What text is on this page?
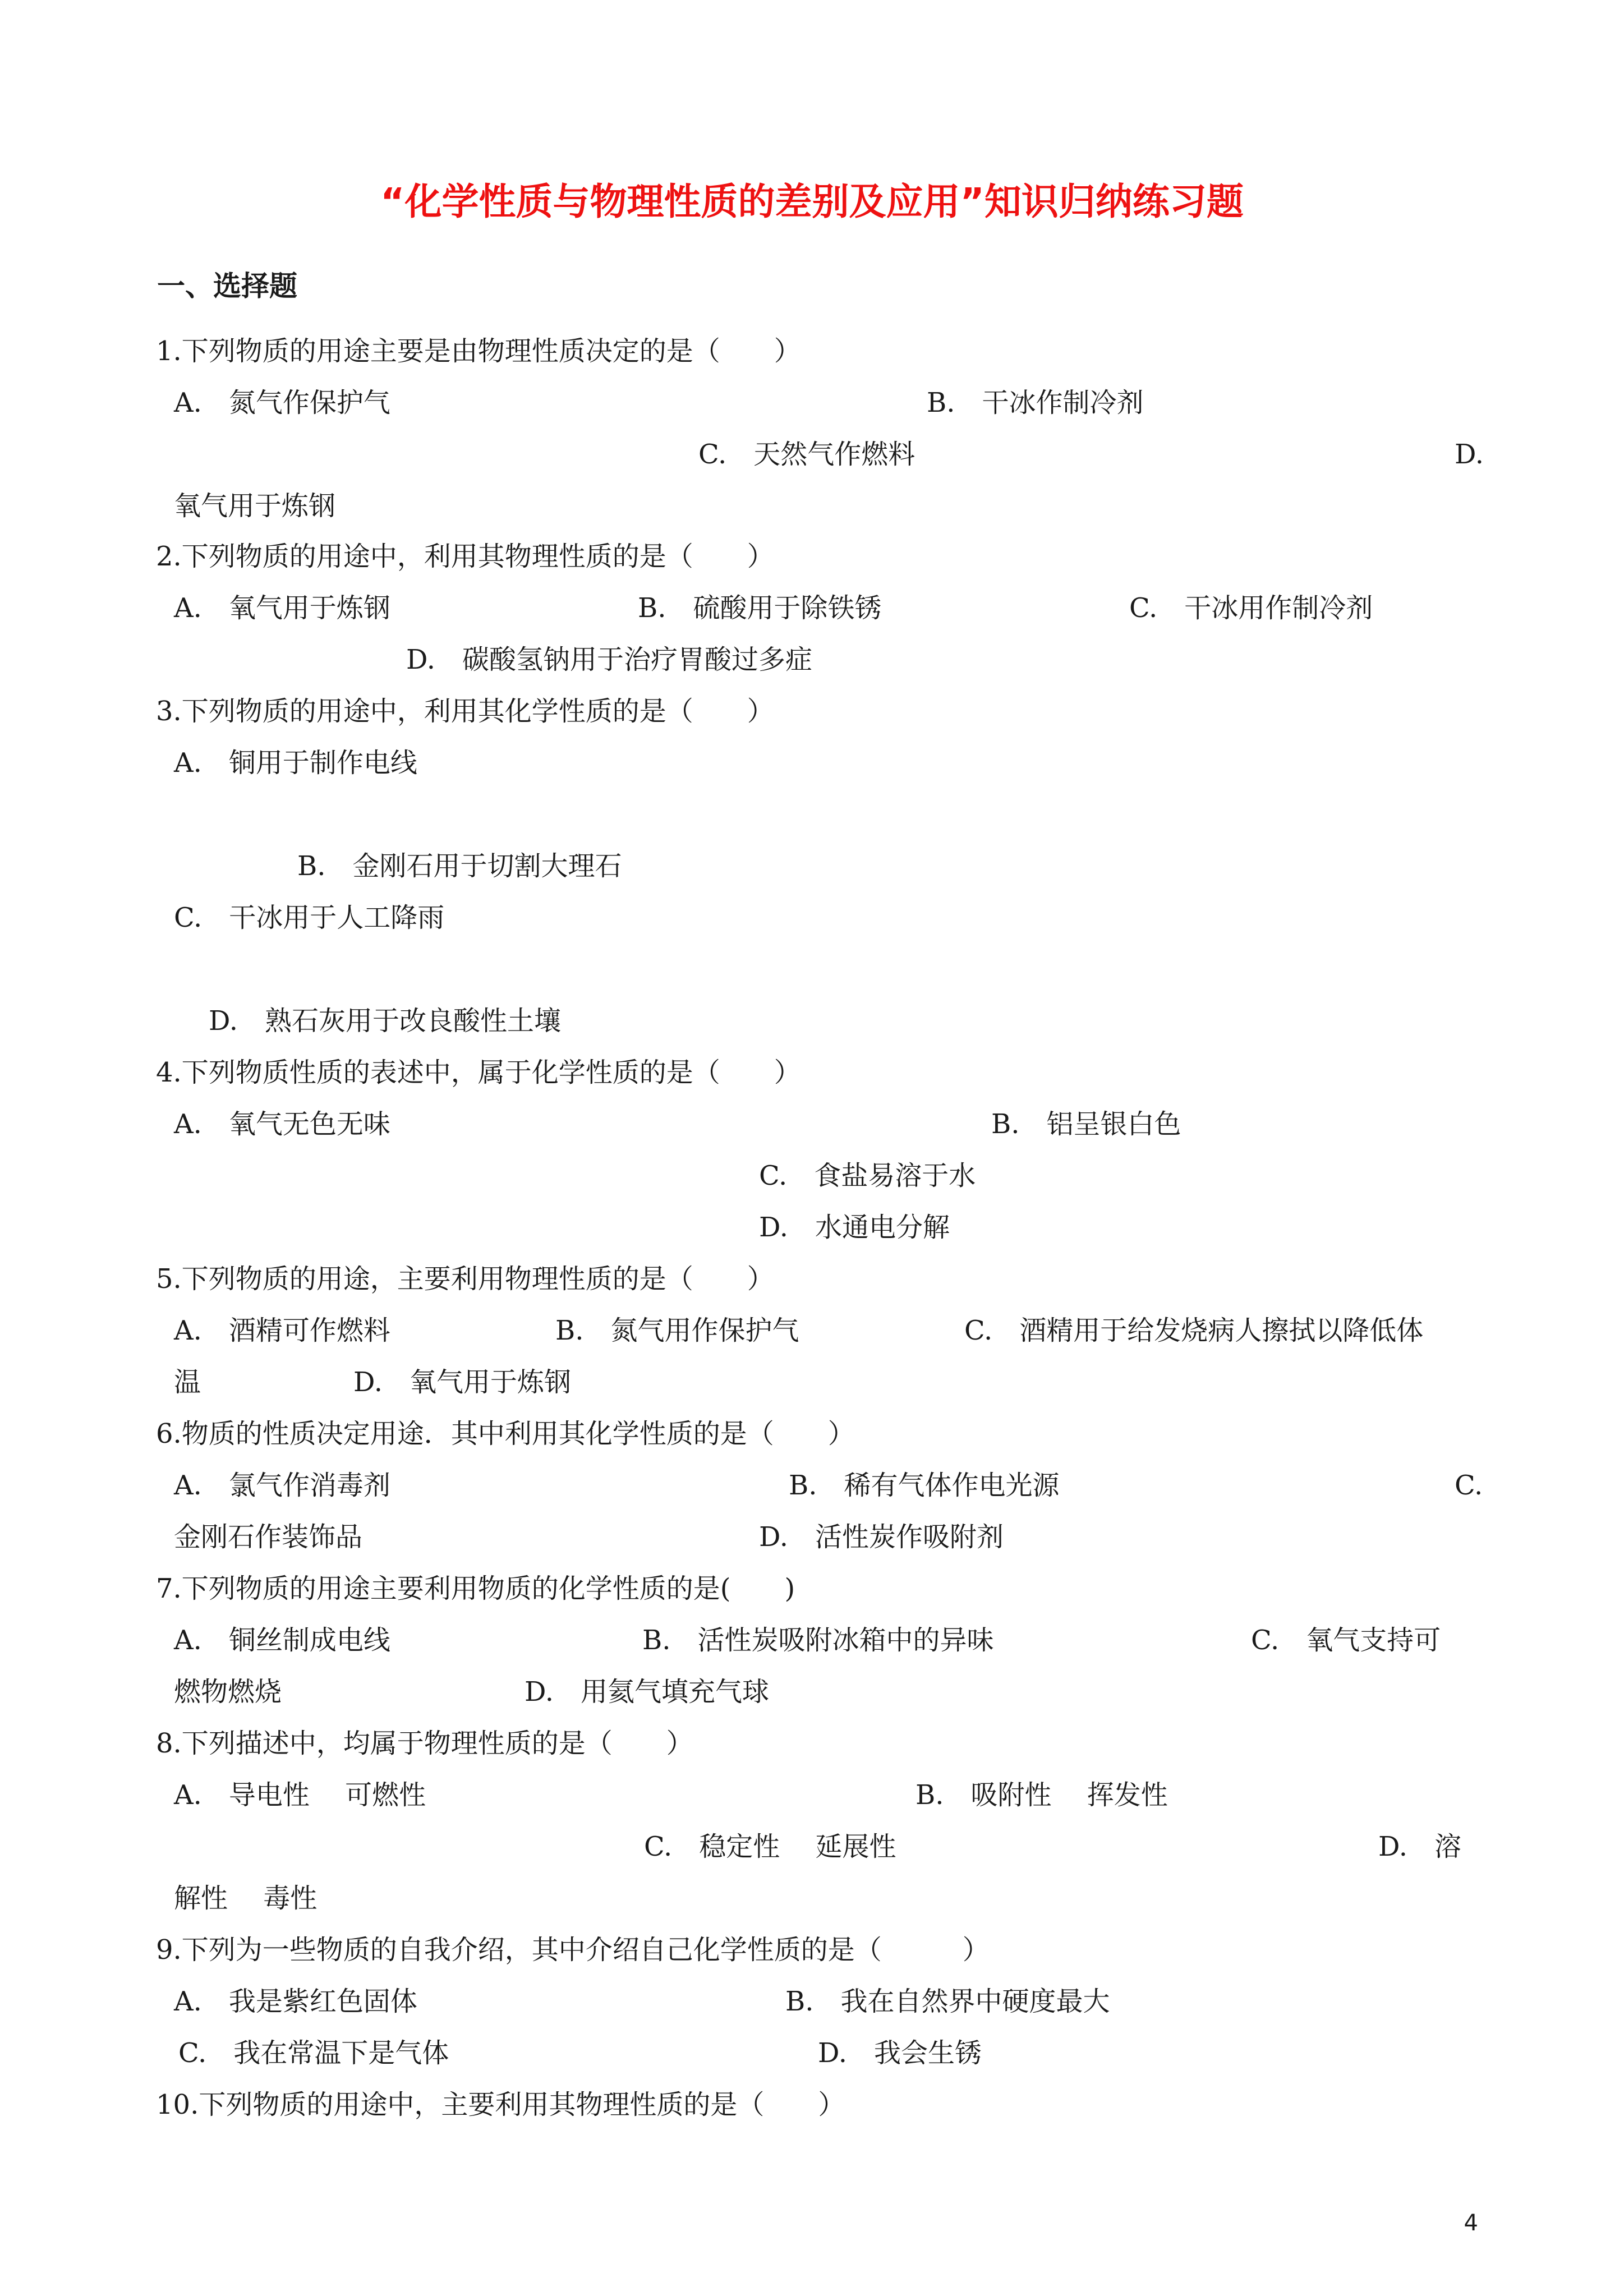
“化学性质与物理性质的差别及应用”知识归纳练习题
一、选择题
1.下列物质的用途主要是由物理性质决定的是（　　）
A.　氮气作保护气	B.　干冰作制冷剂
C.　天然气作燃料	D.
氧气用于炼钢
2.下列物质的用途中，利用其物理性质的是（　　）
A.　氧气用于炼钢	B.　硫酸用于除铁锈	C.　干冰用作制冷剂
D.　碳酸氢钠用于治疗胃酸过多症
3.下列物质的用途中，利用其化学性质的是（　　）
A.　铜用于制作电线
B.　金刚石用于切割大理石
C.　干冰用于人工降雨
D.　熟石灰用于改良酸性土壤
4.下列物质性质的表述中，属于化学性质的是（　　）
A.　氧气无色无味	B.　铝呈银白色
C.　食盐易溶于水
D.　水通电分解
5.下列物质的用途，主要利用物理性质的是（　　）
A.　酒精可作燃料	B.　氮气用作保护气	C.　酒精用于给发烧病人擦拭以降低体
温	D.　氧气用于炼钢
6.物质的性质决定用途．其中利用其化学性质的是（　　）
A.　氯气作消毒剂	B.　稀有气体作电光源	C.
金刚石作装饰品	D.　活性炭作吸附剂
7.下列物质的用途主要利用物质的化学性质的是(　　)
A.　铜丝制成电线	B.　活性炭吸附冰箱中的异味	C.　氧气支持可
燃物燃烧	D.　用氦气填充气球
8.下列描述中，均属于物理性质的是（　　）
A.　导电性　 可燃性	B.　吸附性　 挥发性
C.　稳定性　 延展性	D.　溶
解性　 毒性
9.下列为一些物质的自我介绍，其中介绍自己化学性质的是（　　　）
A.　我是紫红色固体	B.　我在自然界中硬度最大
C.　我在常温下是气体	D.　我会生锈
10.下列物质的用途中，主要利用其物理性质的是（　　）
4
